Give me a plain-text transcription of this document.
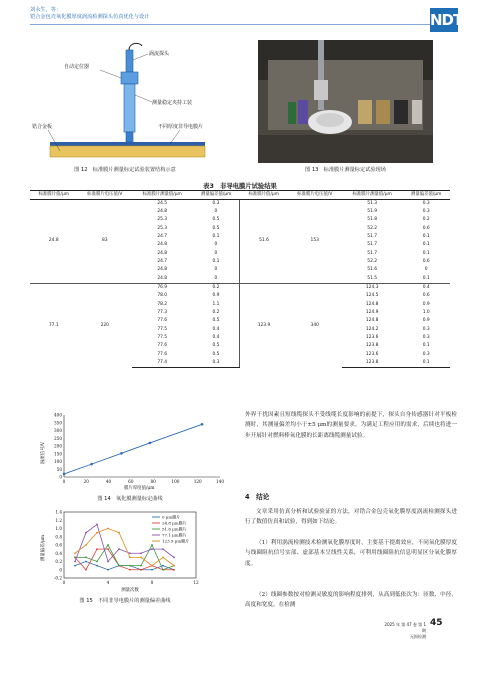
刘永生，等：
铠合金包壳氧化膜厚度涡流检测探头仿真优化与设计	NDT
涡流探头
自动定位器
测量稳定夹持工装
锆合金板	不同厚度非导电膜片
图 12　标准膜片测量标定试验装置结构示意	图 13　标准膜片测量标定试验现场
表3　非导电膜片试验结果
标准膜片值/μm	标准膜片电压值/V	标准膜片测量值/μm	测量偏差值/μm	标准膜片值/μm	标准膜片电压值/V	标准膜片测量值/μm	测量偏差值/μm
24.8	83	24.5	0.3	51.6	153	51.3	0.3
		24.8	0			51.9	0.3
		25.3	0.5			51.8	0.2
		25.3	0.5			52.2	0.6
		24.7	0.1			51.7	0.1
		24.8	0			51.7	0.1
		24.8	0			51.7	0.1
		24.7	0.1			52.2	0.6
		24.8	0			51.6	0
		24.8	0			51.5	0.1
77.1	220	76.9	0.2	123.9	340	124.3	0.4
		78.0	0.9			124.5	0.6
		78.2	1.1			124.8	0.9
		77.3	0.2			124.9	1.0
		77.6	0.5			124.8	0.9
		77.5	0.4			124.2	0.3
		77.5	0.4			123.6	0.3
		77.6	0.5			123.8	0.1
		77.6	0.5			123.6	0.3
		77.4	0.3			123.8	0.1
0
50
100
150
200
250
300
350
400
0	20	40	60	80	100	120	140
膜片厚度值/μm
涡流信号/V
图 14　氧化膜测量标定曲线
-0.2
0
0.2
0.4
0.6
0.8
1.0
1.2
1.4
0	4	8	12
测量次数
测量偏差/μm
0 μm膜片
24.8 μm膜片
51.6 μm膜片
77.1 μm膜片
123.9 μm膜片
图 15　不同非导电膜片的测量偏差曲线
外界干扰因素且短线缆探头不受线缆长度影响的前提下，探头自身传感器针对平板检测时，其测量偏差均小于±5 μm的测量要求。为满足工程应用的需求，后续也将进一步开展针对燃料棒氧化膜的长距离线缆测量试验。
4　结论
文章采用仿真分析和试验验证的方法，对锆合金包壳氧化膜厚度涡流检测探头进行了数值仿真和试验，得到如下结论。
（1）利用涡流检测技术检测氧化膜厚度时，主要基于提离效应，不同氧化膜厚度与线圈阻抗信号实部、虚部基本呈线性关系，可利用线圈阻抗信息明显区分氧化膜厚度。
（2）线圈参数按对检测灵敏度的影响程度排列，从高到低依次为：匝数、中径、高度和宽度。在检测
45
2025 年 第 47 卷 第 1 期
无损检测
